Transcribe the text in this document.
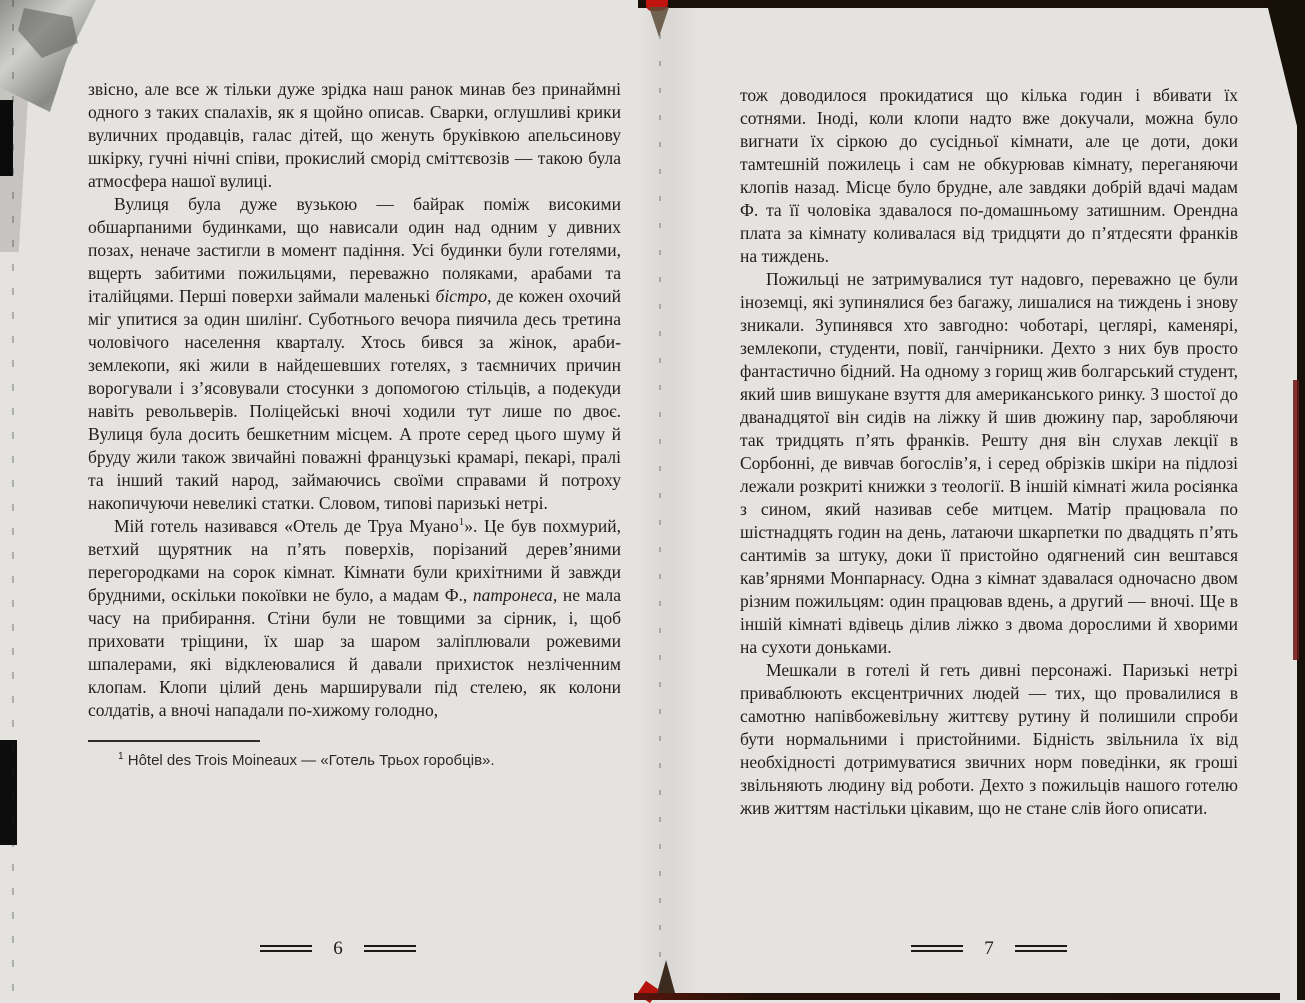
звісно, але все ж тільки дуже зрідка наш ранок минав без принаймні одного з таких спалахів, як я щойно описав. Сварки, оглушливі крики вуличних продавців, галас дітей, що женуть бруківкою апельсинову шкірку, гучні нічні співи, прокислий сморід сміттєвозів — такою була атмосфера нашої вулиці.

Вулиця була дуже вузькою — байрак поміж високими обшарпаними будинками, що нависали один над одним у дивних позах, неначе застигли в момент падіння. Усі будинки були готелями, вщерть забитими пожильцями, переважно поляками, арабами та італійцями. Перші поверхи займали маленькі бістро, де кожен охочий міг упитися за один шилінґ. Суботнього вечора пиячила десь третина чоловічого населення кварталу. Хтось бився за жінок, араби-землекопи, які жили в найдешевших готелях, з таємничих причин ворогували і з’ясовували стосунки з допомогою стільців, а подекуди навіть револьверів. Поліцейські вночі ходили тут лише по двоє. Вулиця була досить бешкетним місцем. А проте серед цього шуму й бруду жили також звичайні поважні французькі крамарі, пекарі, пралі та інший такий народ, займаючись своїми справами й потроху накопичуючи невеликі статки. Словом, типові паризькі нетрі.

Мій готель називався «Отель де Труа Муано$^1$». Це був похмурий, ветхий щурятник на п’ять поверхів, порізаний дерев’яними перегородками на сорок кімнат. Кімнати були крихітними й завжди брудними, оскільки покоївки не було, а мадам Ф., патронеса, не мала часу на прибирання. Стіни були не товщими за сірник, і, щоб приховати тріщини, їх шар за шаром заліплювали рожевими шпалерами, які відклеювалися й давали прихисток незліченним клопам. Клопи цілий день марширували під стелею, як колони солдатів, а вночі нападали по-хижому голодно,

$^1$ Hôtel des Trois Moineaux — «Готель Трьох горобців».

тож доводилося прокидатися що кілька годин і вбивати їх сотнями. Іноді, коли клопи надто вже докучали, можна було вигнати їх сіркою до сусідньої кімнати, але це доти, доки тамтешній пожилець і сам не обкурював кімнату, переганяючи клопів назад. Місце було брудне, але завдяки добрій вдачі мадам Ф. та її чоловіка здавалося по-домашньому затишним. Орендна плата за кімнату коливалася від тридцяти до п’ятдесяти франків на тиждень.

Пожильці не затримувалися тут надовго, переважно це були іноземці, які зупинялися без багажу, лишалися на тиждень і знову зникали. Зупинявся хто завгодно: чоботарі, цеглярі, каменярі, землекопи, студенти, повії, ганчірники. Дехто з них був просто фантастично бідний. На одному з горищ жив болгарський студент, який шив вишукане взуття для американського ринку. З шостої до дванадцятої він сидів на ліжку й шив дюжину пар, заробляючи так тридцять п’ять франків. Решту дня він слухав лекції в Сорбонні, де вивчав богослів’я, і серед обрізків шкіри на підлозі лежали розкриті книжки з теології. В іншій кімнаті жила росіянка з сином, який називав себе митцем. Матір працювала по шістнадцять годин на день, латаючи шкарпетки по двадцять п’ять сантимів за штуку, доки її пристойно одягнений син вештався кав’ярнями Монпарнасу. Одна з кімнат здавалася одночасно двом різним пожильцям: один працював вдень, а другий — вночі. Ще в іншій кімнаті вдівець ділив ліжко з двома дорослими й хворими на сухоти доньками.

Мешкали в готелі й геть дивні персонажі. Паризькі нетрі приваблюють ексцентричних людей — тих, що провалилися в самотню напівбожевільну життєву рутину й полишили спроби бути нормальними і пристойними. Бідність звільнила їх від необхідності дотримуватися звичних норм поведінки, як гроші звільняють людину від роботи. Дехто з пожильців нашого готелю жив життям настільки цікавим, що не стане слів його описати.

6	7
